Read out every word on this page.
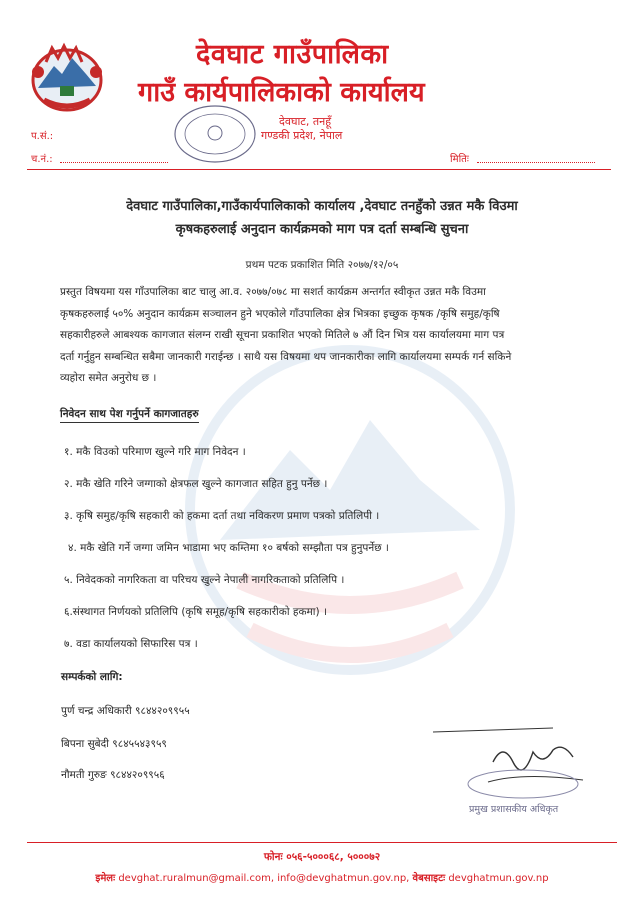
देवघाट गाउँपालिका
गाउँ कार्यपालिकाको कार्यालय
देवघाट, तनहूँ
गण्डकी प्रदेश, नेपाल
प.सं.:
च.नं.:	मितिः
देवघाट गाउँपालिका,गाउँकार्यपालिकाको कार्यालय ,देवघाट तनहुँको उन्नत मकै विउमा
कृषकहरुलाई अनुदान कार्यक्रमको माग पत्र दर्ता सम्बन्धि सुचना
प्रथम पटक प्रकाशित मिति २०७७/१२/०५
प्रस्तुत विषयमा यस गाँउपालिका बाट चालु आ.व. २०७७/०७८ मा सशर्त कार्यक्रम अन्तर्गत स्वीकृत उन्नत मकै विउमा
कृषकहरुलाई ५०% अनुदान कार्यक्रम सञ्चालन हुने भएकोले गाँउपालिका क्षेत्र भित्रका इच्छुक कृषक /कृषि समुह/कृषि
सहकारीहरुले आबश्यक कागजात संलग्न राखी सूचना प्रकाशित भएको मितिले ७ औं दिन भित्र यस कार्यालयमा माग पत्र
दर्ता गर्नुहुन सम्बन्धित सबैमा जानकारी गराईन्छ । साथै यस विषयमा थप जानकारीका लागि कार्यालयमा सम्पर्क गर्न सकिने
व्यहोरा समेत अनुरोध छ ।
निवेदन साथ पेश गर्नुपर्ने कागजातहरु
१. मकै विउको परिमाण खुल्ने गरि माग निवेदन ।
२. मकै खेति गरिने जग्गाको क्षेत्रफल खुल्ने कागजात सहित हुनु पर्नेछ ।
३. कृषि समुह/कृषि सहकारी को हकमा दर्ता तथा नविकरण प्रमाण पत्रको प्रतिलिपी ।
४. मकै खेति गर्ने जग्गा जमिन भाडामा भए कम्तिमा १० बर्षको सम्झौता पत्र हुनुपर्नेछ ।
५. निवेदकको नागरिकता वा परिचय खुल्ने नेपाली नागरिकताको प्रतिलिपि ।
६.संस्थागत निर्णयको प्रतिलिपि (कृषि समूह/कृषि सहकारीको हकमा) ।
७. वडा कार्यालयको सिफारिस पत्र ।
सम्पर्कको लागि:
पुर्ण चन्द्र अधिकारी ९८४४२०९९५५
बिपना सुबेदी ९८४५५४३९५९
नौमती गुरुङ ९८४४२०९९५६
प्रमुख प्रशासकीय अधिकृत
फोनः ०५६-५०००६८, ५०००७२
इमेलः devghat.ruralmun@gmail.com, info@devghatmun.gov.np, वेबसाइटः devghatmun.gov.np
